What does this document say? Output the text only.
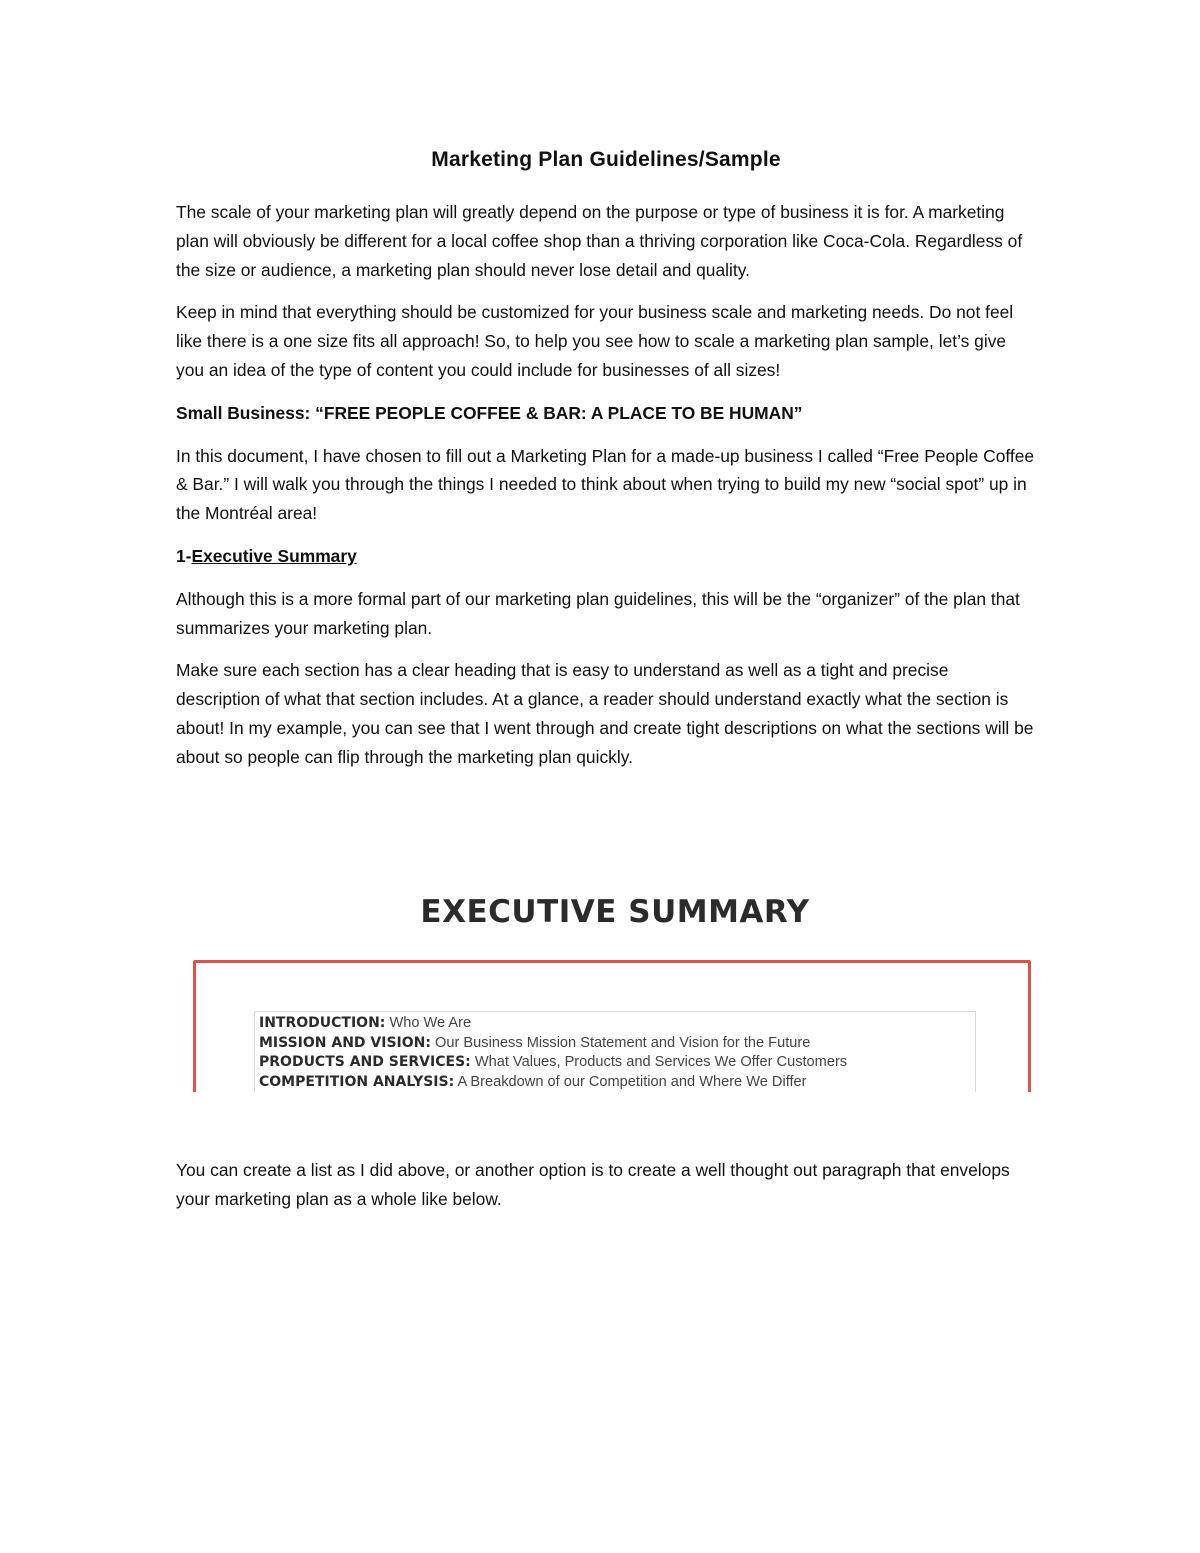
Marketing Plan Guidelines/Sample

The scale of your marketing plan will greatly depend on the purpose or type of business it is for. A marketing plan will obviously be different for a local coffee shop than a thriving corporation like Coca-Cola. Regardless of the size or audience, a marketing plan should never lose detail and quality.

Keep in mind that everything should be customized for your business scale and marketing needs. Do not feel like there is a one size fits all approach! So, to help you see how to scale a marketing plan sample, let’s give you an idea of the type of content you could include for businesses of all sizes!

Small Business: “FREE PEOPLE COFFEE & BAR: A PLACE TO BE HUMAN”

In this document, I have chosen to fill out a Marketing Plan for a made-up business I called “Free People Coffee & Bar.” I will walk you through the things I needed to think about when trying to build my new “social spot” up in the Montréal area!

1-Executive Summary

Although this is a more formal part of our marketing plan guidelines, this will be the “organizer” of the plan that summarizes your marketing plan.

Make sure each section has a clear heading that is easy to understand as well as a tight and precise description of what that section includes. At a glance, a reader should understand exactly what the section is about! In my example, you can see that I went through and create tight descriptions on what the sections will be about so people can flip through the marketing plan quickly.

EXECUTIVE SUMMARY
INTRODUCTION: Who We Are
MISSION AND VISION: Our Business Mission Statement and Vision for the Future
PRODUCTS AND SERVICES: What Values, Products and Services We Offer Customers
COMPETITION ANALYSIS: A Breakdown of our Competition and Where We Differ

You can create a list as I did above, or another option is to create a well thought out paragraph that envelops your marketing plan as a whole like below.
